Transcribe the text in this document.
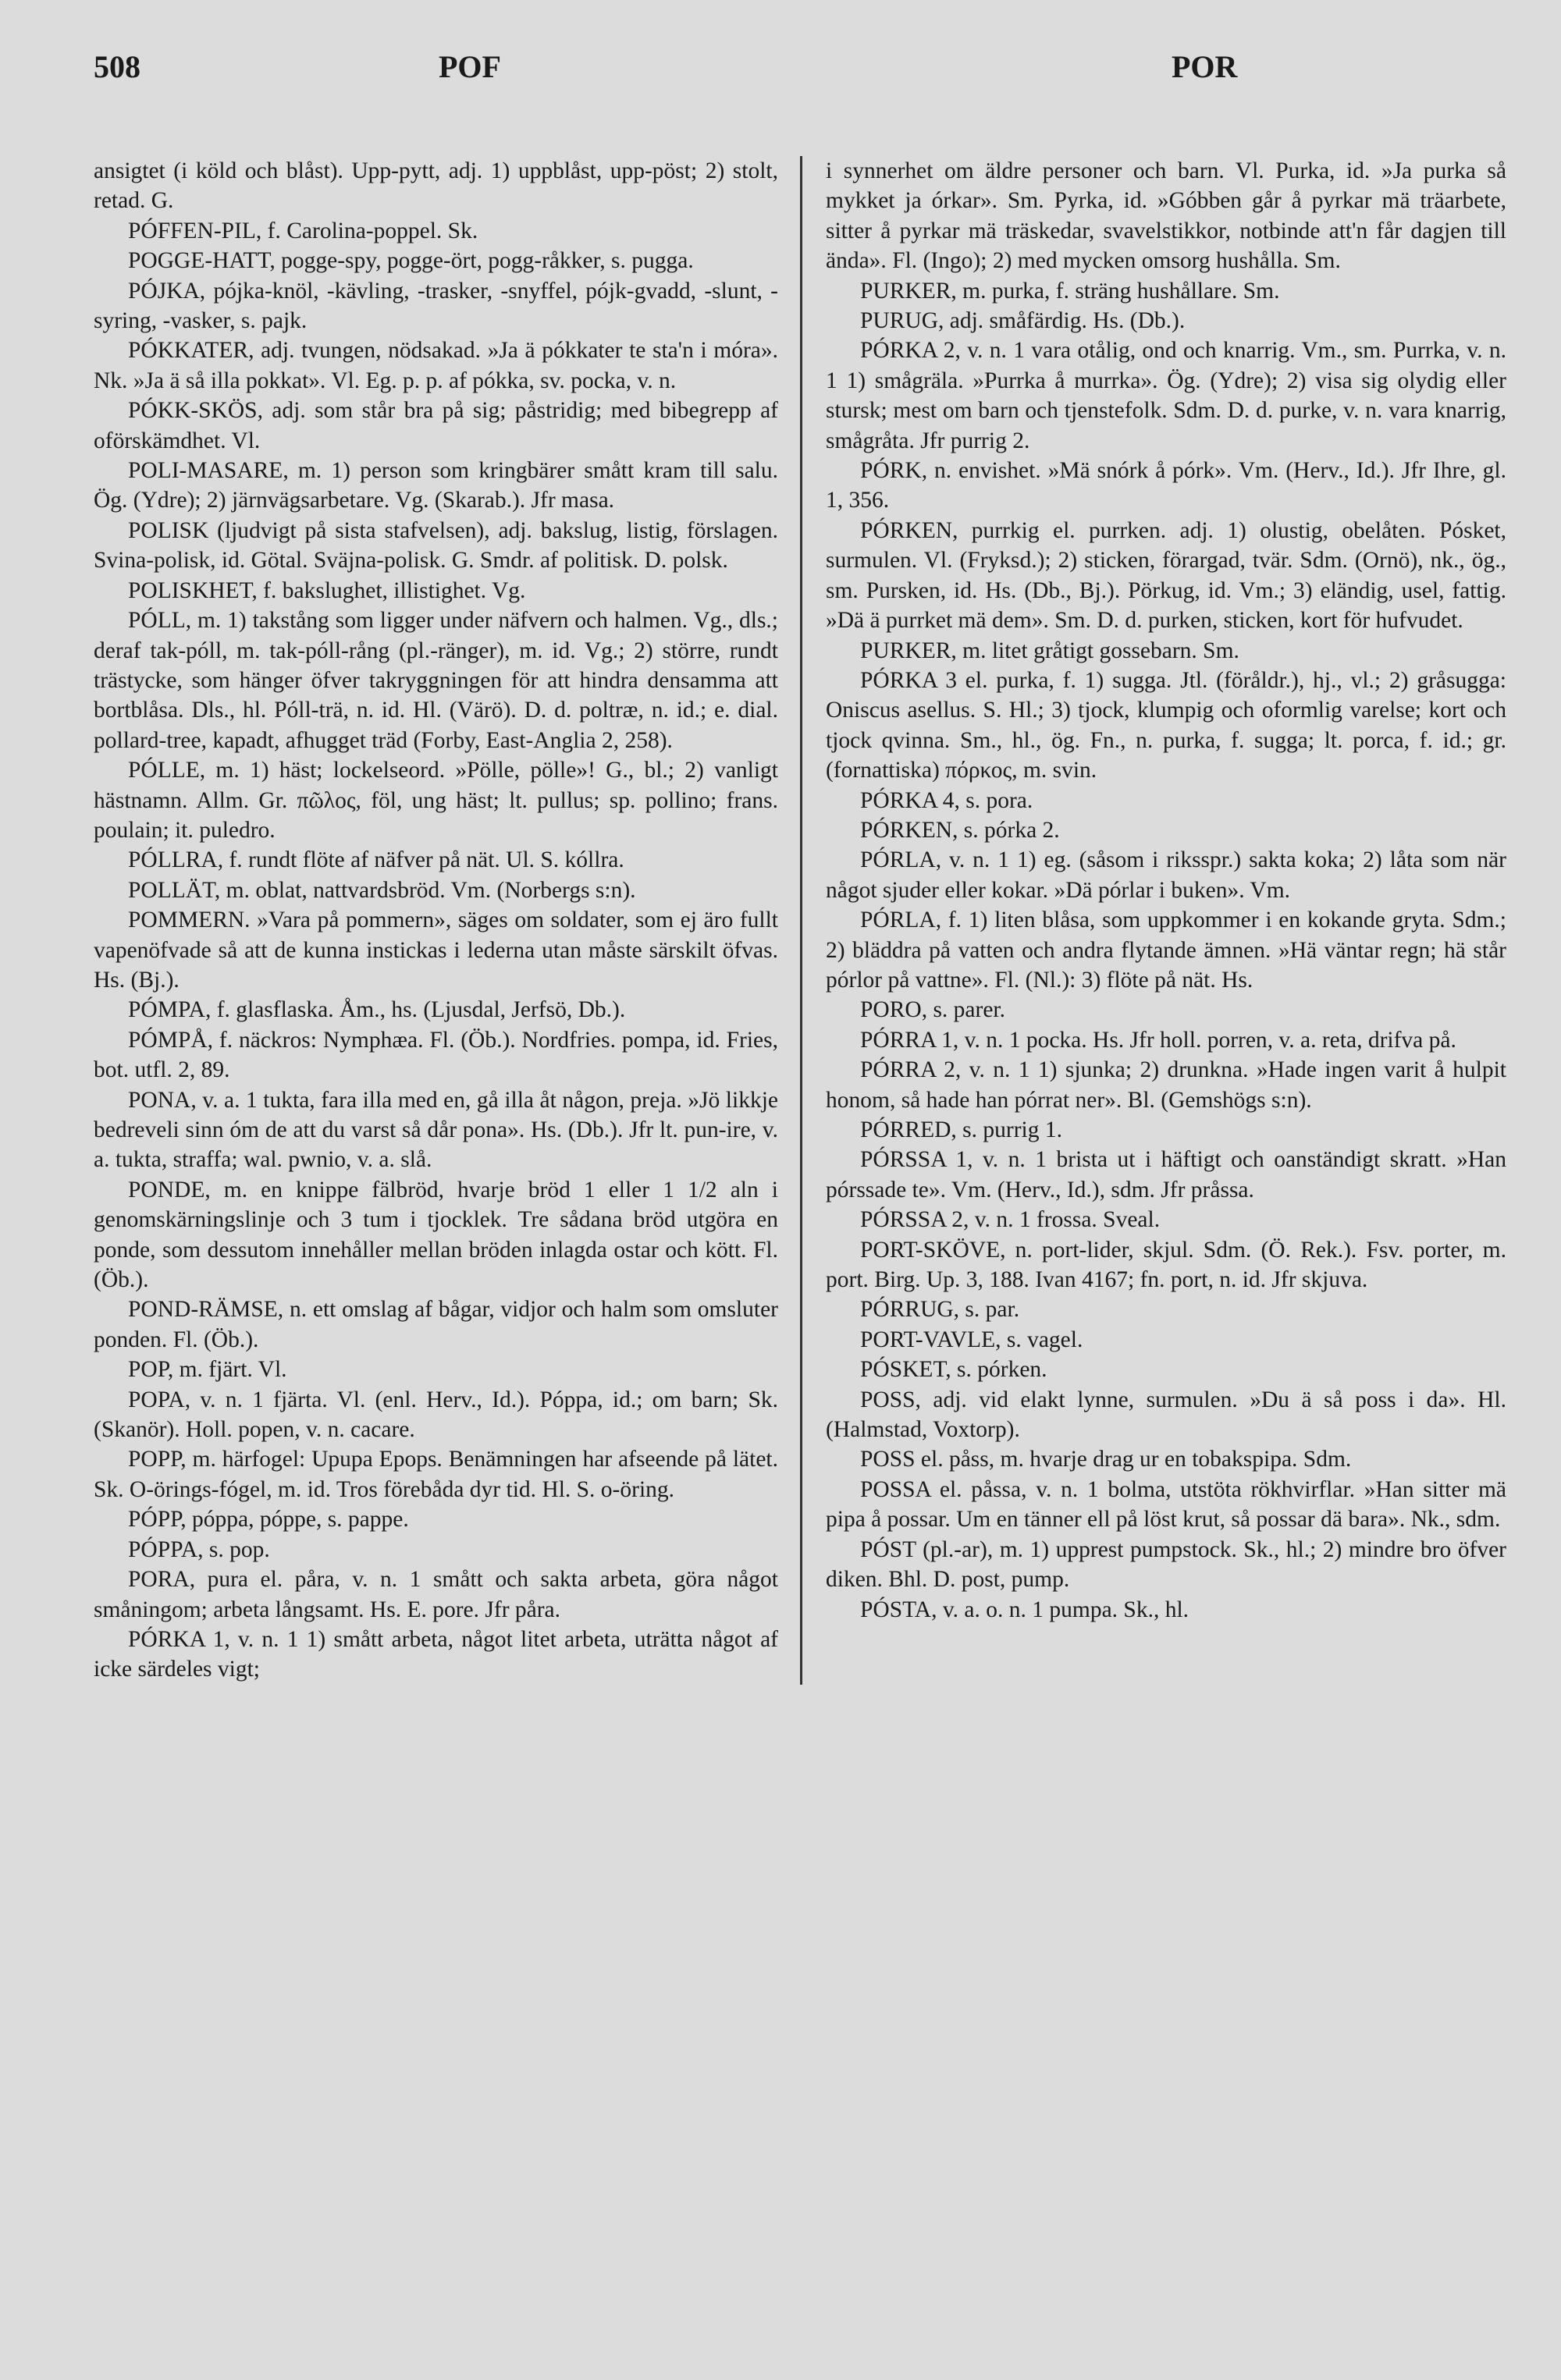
508	POF	POR

ansigtet (i köld och blåst). Upp-pytt, adj. 1) uppblåst, upp-pöst; 2) stolt, retad. G.

PÓFFEN-PIL, f. Carolina-poppel. Sk.

POGGE-HATT, pogge-spy, pogge-ört, pogg-råkker, s. pugga.

PÓJKA, pójka-knöl, -kävling, -trasker, -snyffel, pójk-gvadd, -slunt, -syring, -vasker, s. pajk.

PÓKKATER, adj. tvungen, nödsakad. »Ja ä pókkater te sta'n i móra». Nk. »Ja ä så illa pokkat». Vl. Eg. p. p. af pókka, sv. pocka, v. n.

PÓKK-SKÖS, adj. som står bra på sig; påstridig; med bibegrepp af oförskämdhet. Vl.

POLI-MASARE, m. 1) person som kringbärer smått kram till salu. Ög. (Ydre); 2) järnvägsarbetare. Vg. (Skarab.). Jfr masa.

POLISK (ljudvigt på sista stafvelsen), adj. bakslug, listig, förslagen. Svina-polisk, id. Götal. Sväjna-polisk. G. Smdr. af politisk. D. polsk.

POLISKHET, f. bakslughet, illistighet. Vg.

PÓLL, m. 1) takstång som ligger under näfvern och halmen. Vg., dls.; deraf tak-póll, m. tak-póll-rång (pl.-ränger), m. id. Vg.; 2) större, rundt trästycke, som hänger öfver takryggningen för att hindra densamma att bortblåsa. Dls., hl. Póll-trä, n. id. Hl. (Värö). D. d. poltræ, n. id.; e. dial. pollard-tree, kapadt, afhugget träd (Forby, East-Anglia 2, 258).

PÓLLE, m. 1) häst; lockelseord. »Pölle, pölle»! G., bl.; 2) vanligt hästnamn. Allm. Gr. πῶλος, föl, ung häst; lt. pullus; sp. pollino; frans. poulain; it. puledro.

PÓLLRA, f. rundt flöte af näfver på nät. Ul. S. kóllra.

POLLÄT, m. oblat, nattvardsbröd. Vm. (Norbergs s:n).

POMMERN. »Vara på pommern», säges om soldater, som ej äro fullt vapenöfvade så att de kunna instickas i lederna utan måste särskilt öfvas. Hs. (Bj.).

PÓMPA, f. glasflaska. Åm., hs. (Ljusdal, Jerfsö, Db.).

PÓMPÅ, f. näckros: Nymphæa. Fl. (Öb.). Nordfries. pompa, id. Fries, bot. utfl. 2, 89.

PONA, v. a. 1 tukta, fara illa med en, gå illa åt någon, preja. »Jö likkje bedreveli sinn óm de att du varst så dår pona». Hs. (Db.). Jfr lt. pun-ire, v. a. tukta, straffa; wal. pwnio, v. a. slå.

PONDE, m. en knippe fälbröd, hvarje bröd 1 eller 1 1/2 aln i genomskärningslinje och 3 tum i tjocklek. Tre sådana bröd utgöra en ponde, som dessutom innehåller mellan bröden inlagda ostar och kött. Fl. (Öb.).

POND-RÄMSE, n. ett omslag af bågar, vidjor och halm som omsluter ponden. Fl. (Öb.).

POP, m. fjärt. Vl.

POPA, v. n. 1 fjärta. Vl. (enl. Herv., Id.). Póppa, id.; om barn; Sk. (Skanör). Holl. popen, v. n. cacare.

POPP, m. härfogel: Upupa Epops. Benämningen har afseende på lätet. Sk. O-örings-fógel, m. id. Tros förebåda dyr tid. Hl. S. o-öring.

PÓPP, póppa, póppe, s. pappe.

PÓPPA, s. pop.

PORA, pura el. påra, v. n. 1 smått och sakta arbeta, göra något småningom; arbeta långsamt. Hs. E. pore. Jfr påra.

PÓRKA 1, v. n. 1 1) smått arbeta, något litet arbeta, uträtta något af icke särdeles vigt;

i synnerhet om äldre personer och barn. Vl. Purka, id. »Ja purka så mykket ja órkar». Sm. Pyrka, id. »Góbben går å pyrkar mä träarbete, sitter å pyrkar mä träskedar, svavelstikkor, notbinde att'n får dagjen till ända». Fl. (Ingo); 2) med mycken omsorg hushålla. Sm.

PURKER, m. purka, f. sträng hushållare. Sm.

PURUG, adj. småfärdig. Hs. (Db.).

PÓRKA 2, v. n. 1 vara otålig, ond och knarrig. Vm., sm. Purrka, v. n. 1 1) smågräla. »Purrka å murrka». Ög. (Ydre); 2) visa sig olydig eller stursk; mest om barn och tjenstefolk. Sdm. D. d. purke, v. n. vara knarrig, smågråta. Jfr purrig 2.

PÓRK, n. envishet. »Mä snórk å pórk». Vm. (Herv., Id.). Jfr Ihre, gl. 1, 356.

PÓRKEN, purrkig el. purrken. adj. 1) olustig, obelåten. Pósket, surmulen. Vl. (Fryksd.); 2) sticken, förargad, tvär. Sdm. (Ornö), nk., ög., sm. Pursken, id. Hs. (Db., Bj.). Pörkug, id. Vm.; 3) eländig, usel, fattig. »Dä ä purrket mä dem». Sm. D. d. purken, sticken, kort för hufvudet.

PURKER, m. litet gråtigt gossebarn. Sm.

PÓRKA 3 el. purka, f. 1) sugga. Jtl. (föråldr.), hj., vl.; 2) gråsugga: Oniscus asellus. S. Hl.; 3) tjock, klumpig och oformlig varelse; kort och tjock qvinna. Sm., hl., ög. Fn., n. purka, f. sugga; lt. porca, f. id.; gr. (fornattiska) πόρκος, m. svin.

PÓRKA 4, s. pora.

PÓRKEN, s. pórka 2.

PÓRLA, v. n. 1 1) eg. (såsom i riksspr.) sakta koka; 2) låta som när något sjuder eller kokar. »Dä pórlar i buken». Vm.

PÓRLA, f. 1) liten blåsa, som uppkommer i en kokande gryta. Sdm.; 2) bläddra på vatten och andra flytande ämnen. »Hä väntar regn; hä står pórlor på vattne». Fl. (Nl.): 3) flöte på nät. Hs.

PORO, s. parer.

PÓRRA 1, v. n. 1 pocka. Hs. Jfr holl. porren, v. a. reta, drifva på.

PÓRRA 2, v. n. 1 1) sjunka; 2) drunkna. »Hade ingen varit å hulpit honom, så hade han pórrat ner». Bl. (Gemshögs s:n).

PÓRRED, s. purrig 1.

PÓRSSA 1, v. n. 1 brista ut i häftigt och oanständigt skratt. »Han pórssade te». Vm. (Herv., Id.), sdm. Jfr pråssa.

PÓRSSA 2, v. n. 1 frossa. Sveal.

PORT-SKÖVE, n. port-lider, skjul. Sdm. (Ö. Rek.). Fsv. porter, m. port. Birg. Up. 3, 188. Ivan 4167; fn. port, n. id. Jfr skjuva.

PÓRRUG, s. par.

PORT-VAVLE, s. vagel.

PÓSKET, s. pórken.

POSS, adj. vid elakt lynne, surmulen. »Du ä så poss i da». Hl. (Halmstad, Voxtorp).

POSS el. påss, m. hvarje drag ur en tobakspipa. Sdm.

POSSA el. påssa, v. n. 1 bolma, utstöta rökhvirflar. »Han sitter mä pipa å possar. Um en tänner ell på löst krut, så possar dä bara». Nk., sdm.

PÓST (pl.-ar), m. 1) upprest pumpstock. Sk., hl.; 2) mindre bro öfver diken. Bhl. D. post, pump.

PÓSTA, v. a. o. n. 1 pumpa. Sk., hl.
